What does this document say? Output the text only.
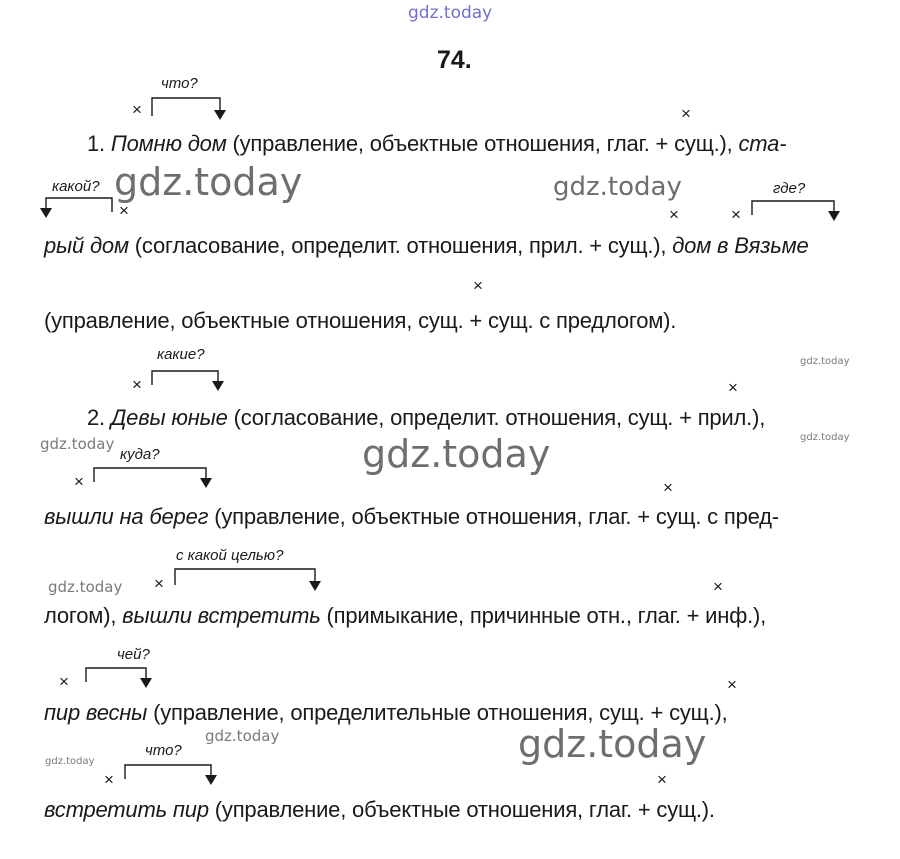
gdz.today
gdz.today	gdz.today
gdz.today
gdz.today
gdz.today
gdz.today
gdz.today
gdz.today	gdz.today
gdz.today
74.
что?
×	×
1. Помню дом (управление, объектные отношения, глаг. + сущ.), ста-
какой?
×	×
где?
×
рый дом (согласование, определит. отношения, прил. + сущ.), дом в Вязьме
×
(управление, объектные отношения, сущ. + сущ. с предлогом).
какие?
×	×
2. Девы юные (согласование, определит. отношения, сущ. + прил.),
куда?
×	×
вышли на берег (управление, объектные отношения, глаг. + сущ. с пред-
с какой целью?
×	×
логом), вышли встретить (примыкание, причинные отн., глаг. + инф.),
чей?
×	×
пир весны (управление, определительные отношения, сущ. + сущ.),
что?
×	×
встретить пир (управление, объектные отношения, глаг. + сущ.).
